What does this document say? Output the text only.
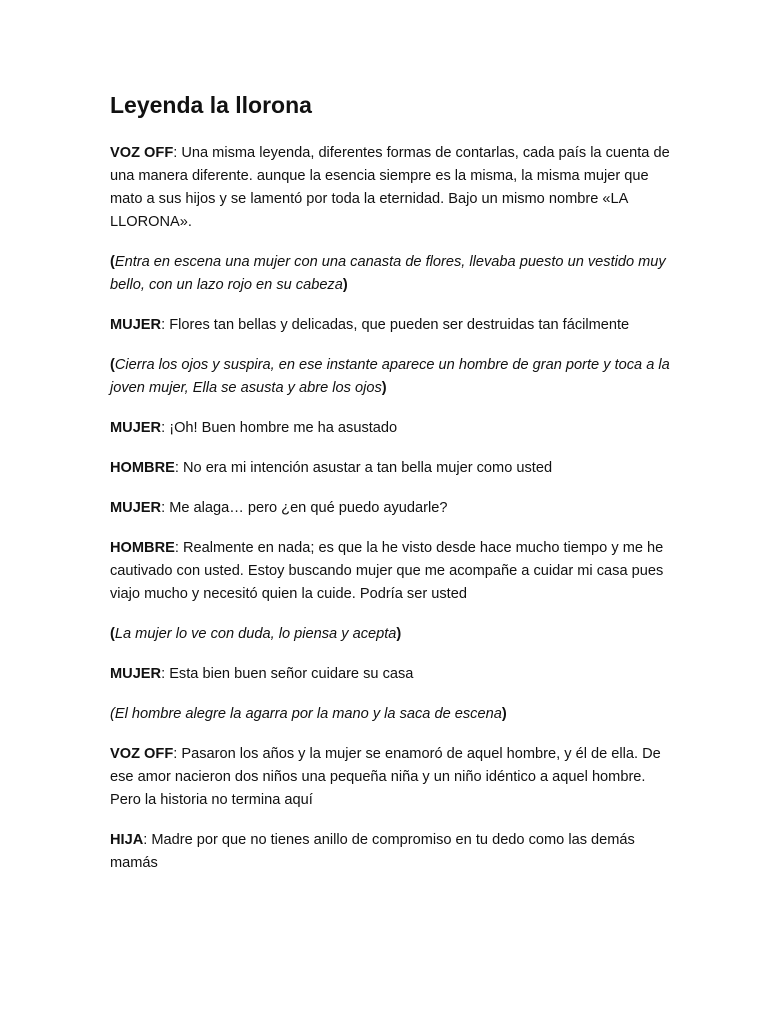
Leyenda la llorona

VOZ OFF: Una misma leyenda, diferentes formas de contarlas, cada país la cuenta de una manera diferente. aunque la esencia siempre es la misma, la misma mujer que mato a sus hijos y se lamentó por toda la eternidad. Bajo un mismo nombre «LA LLORONA».

(Entra en escena una mujer con una canasta de flores, llevaba puesto un vestido muy bello, con un lazo rojo en su cabeza)

MUJER: Flores tan bellas y delicadas, que pueden ser destruidas tan fácilmente

(Cierra los ojos y suspira, en ese instante aparece un hombre de gran porte y toca a la joven mujer, Ella se asusta y abre los ojos)

MUJER: ¡Oh! Buen hombre me ha asustado

HOMBRE: No era mi intención asustar a tan bella mujer como usted

MUJER: Me alaga… pero ¿en qué puedo ayudarle?

HOMBRE: Realmente en nada; es que la he visto desde hace mucho tiempo y me he cautivado con usted. Estoy buscando mujer que me acompañe a cuidar mi casa pues viajo mucho y necesitó quien la cuide. Podría ser usted

(La mujer lo ve con duda, lo piensa y acepta)

MUJER: Esta bien buen señor cuidare su casa

(El hombre alegre la agarra por la mano y la saca de escena)

VOZ OFF: Pasaron los años y la mujer se enamoró de aquel hombre, y él de ella. De ese amor nacieron dos niños una pequeña niña y un niño idéntico a aquel hombre. Pero la historia no termina aquí

HIJA: Madre por que no tienes anillo de compromiso en tu dedo como las demás mamás
